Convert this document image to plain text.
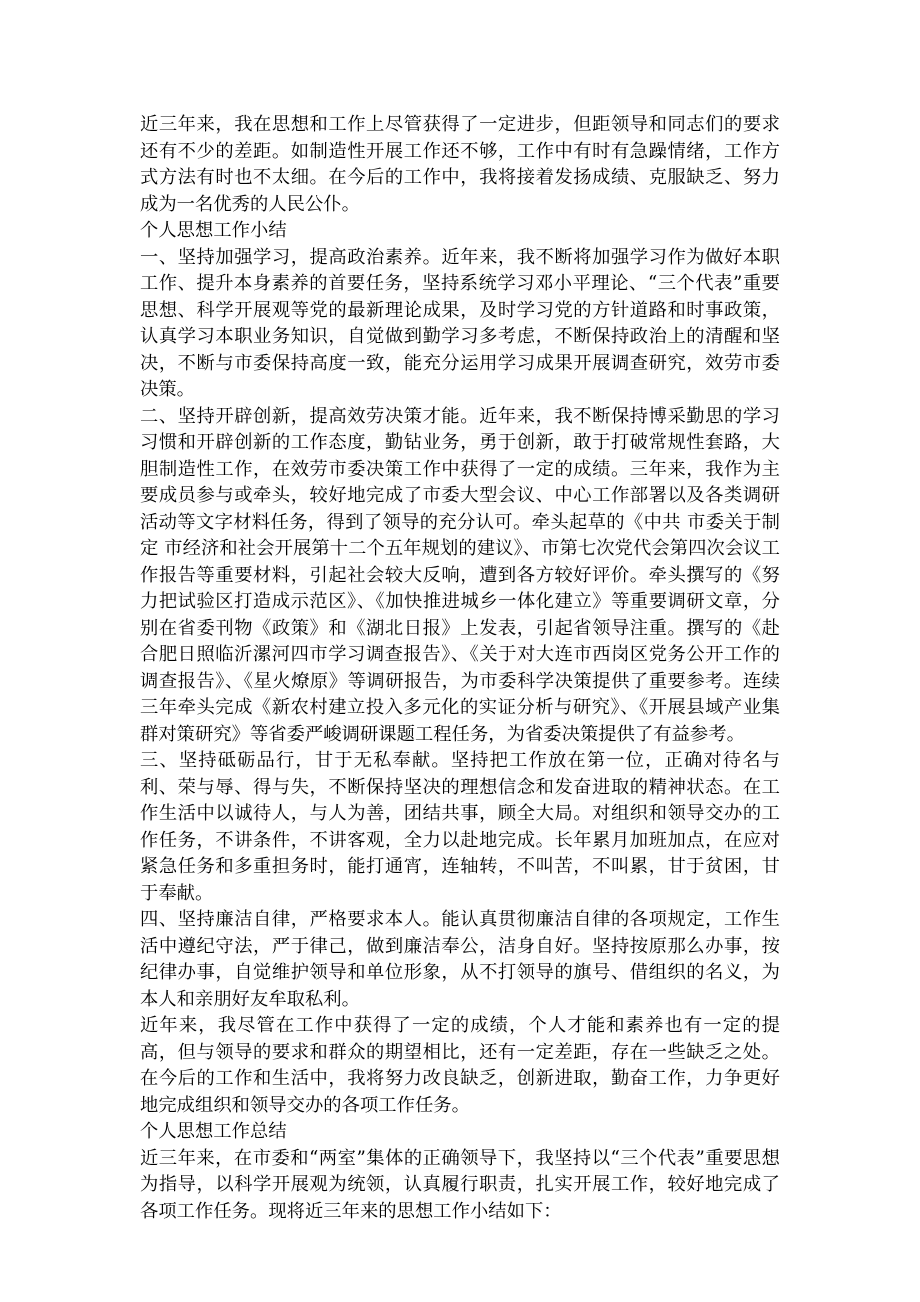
近三年来，我在思想和工作上尽管获得了一定进步，但距领导和同志们的要求还有不少的差距。如制造性开展工作还不够，工作中有时有急躁情绪，工作方式方法有时也不太细。在今后的工作中，我将接着发扬成绩、克服缺乏、努力成为一名优秀的人民公仆。

个人思想工作小结

一、坚持加强学习，提高政治素养。近年来，我不断将加强学习作为做好本职工作、提升本身素养的首要任务，坚持系统学习邓小平理论、“三个代表”重要思想、科学开展观等党的最新理论成果，及时学习党的方针道路和时事政策，认真学习本职业务知识，自觉做到勤学习多考虑，不断保持政治上的清醒和坚决，不断与市委保持高度一致，能充分运用学习成果开展调查研究，效劳市委决策。

二、坚持开辟创新，提高效劳决策才能。近年来，我不断保持博采勤思的学习习惯和开辟创新的工作态度，勤钻业务，勇于创新，敢于打破常规性套路，大胆制造性工作，在效劳市委决策工作中获得了一定的成绩。三年来，我作为主要成员参与或牵头，较好地完成了市委大型会议、中心工作部署以及各类调研活动等文字材料任务，得到了领导的充分认可。牵头起草的《中共 市委关于制定 市经济和社会开展第十二个五年规划的建议》、市第七次党代会第四次会议工作报告等重要材料，引起社会较大反响，遭到各方较好评价。牵头撰写的《努力把试验区打造成示范区》、《加快推进城乡一体化建立》等重要调研文章，分别在省委刊物《政策》和《湖北日报》上发表，引起省领导注重。撰写的《赴合肥日照临沂漯河四市学习调查报告》、《关于对大连市西岗区党务公开工作的调查报告》、《星火燎原》等调研报告，为市委科学决策提供了重要参考。连续三年牵头完成《新农村建立投入多元化的实证分析与研究》、《开展县域产业集群对策研究》等省委严峻调研课题工程任务，为省委决策提供了有益参考。

三、坚持砥砺品行，甘于无私奉献。坚持把工作放在第一位，正确对待名与利、荣与辱、得与失，不断保持坚决的理想信念和发奋进取的精神状态。在工作生活中以诚待人，与人为善，团结共事，顾全大局。对组织和领导交办的工作任务，不讲条件，不讲客观，全力以赴地完成。长年累月加班加点，在应对紧急任务和多重担务时，能打通宵，连轴转，不叫苦，不叫累，甘于贫困，甘于奉献。

四、坚持廉洁自律，严格要求本人。能认真贯彻廉洁自律的各项规定，工作生活中遵纪守法，严于律己，做到廉洁奉公，洁身自好。坚持按原那么办事，按纪律办事，自觉维护领导和单位形象，从不打领导的旗号、借组织的名义，为本人和亲朋好友牟取私利。

近年来，我尽管在工作中获得了一定的成绩，个人才能和素养也有一定的提高，但与领导的要求和群众的期望相比，还有一定差距，存在一些缺乏之处。在今后的工作和生活中，我将努力改良缺乏，创新进取，勤奋工作，力争更好地完成组织和领导交办的各项工作任务。

个人思想工作总结

近三年来，在市委和“两室”集体的正确领导下，我坚持以“三个代表”重要思想为指导，以科学开展观为统领，认真履行职责，扎实开展工作，较好地完成了各项工作任务。现将近三年来的思想工作小结如下：
